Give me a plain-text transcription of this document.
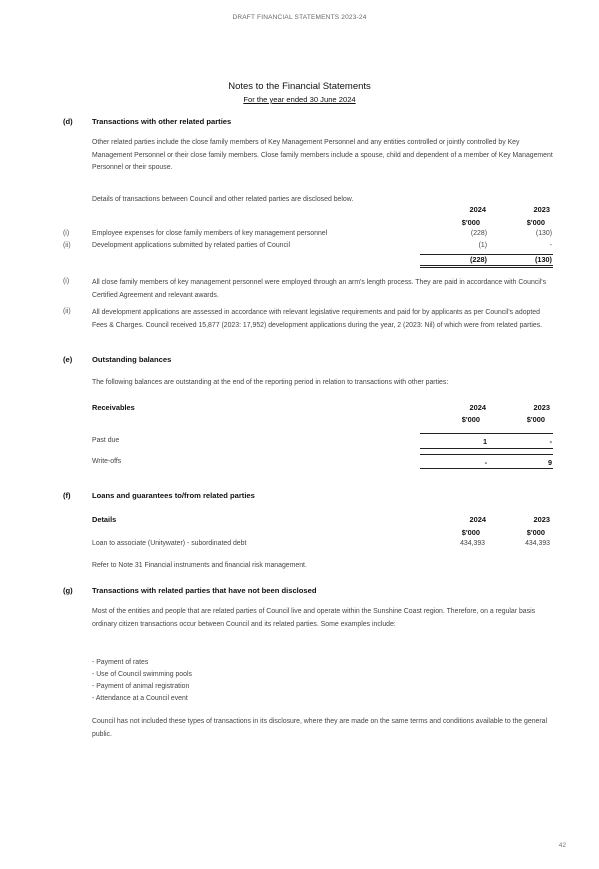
DRAFT FINANCIAL STATEMENTS 2023-24
Notes to the Financial Statements
For the year ended 30 June 2024
(d)	Transactions with other related parties
Other related parties include the close family members of Key Management Personnel and any entities controlled or jointly controlled by Key Management Personnel or their close family members. Close family members include a spouse, child and dependent of a member of Key Management Personnel or their spouse.
Details of transactions between Council and other related parties are disclosed below.
2024	2023
$'000	$'000
(i)	Employee expenses for close family members of key management personnel	(228)	(130)
(ii)	Development applications submitted by related parties of Council	(1)	-
(228)	(130)
(i)	All close family members of key management personnel were employed through an arm's length process. They are paid in accordance with Council's Certified Agreement and relevant awards.
(ii)	All development applications are assessed in accordance with relevant legislative requirements and paid for by applicants as per Council's adopted Fees & Charges. Council received 15,877 (2023: 17,952) development applications during the year, 2 (2023: Nil) of which were from related parties.
(e)	Outstanding balances
The following balances are outstanding at the end of the reporting period in relation to transactions with other parties:
Receivables	2024	2023
$'000	$'000
Past due	1	-
Write-offs	-	9
(f)	Loans and guarantees to/from related parties
Details	2024	2023
$'000	$'000
Loan to associate (Unitywater) - subordinated debt	434,393	434,393
Refer to Note 31 Financial instruments and financial risk management.
(g)	Transactions with related parties that have not been disclosed
Most of the entities and people that are related parties of Council live and operate within the Sunshine Coast region. Therefore, on a regular basis ordinary citizen transactions occur between Council and its related parties. Some examples include:
- Payment of rates
- Use of Council swimming pools
- Payment of animal registration
- Attendance at a Council event
Council has not included these types of transactions in its disclosure, where they are made on the same terms and conditions available to the general public.
42
